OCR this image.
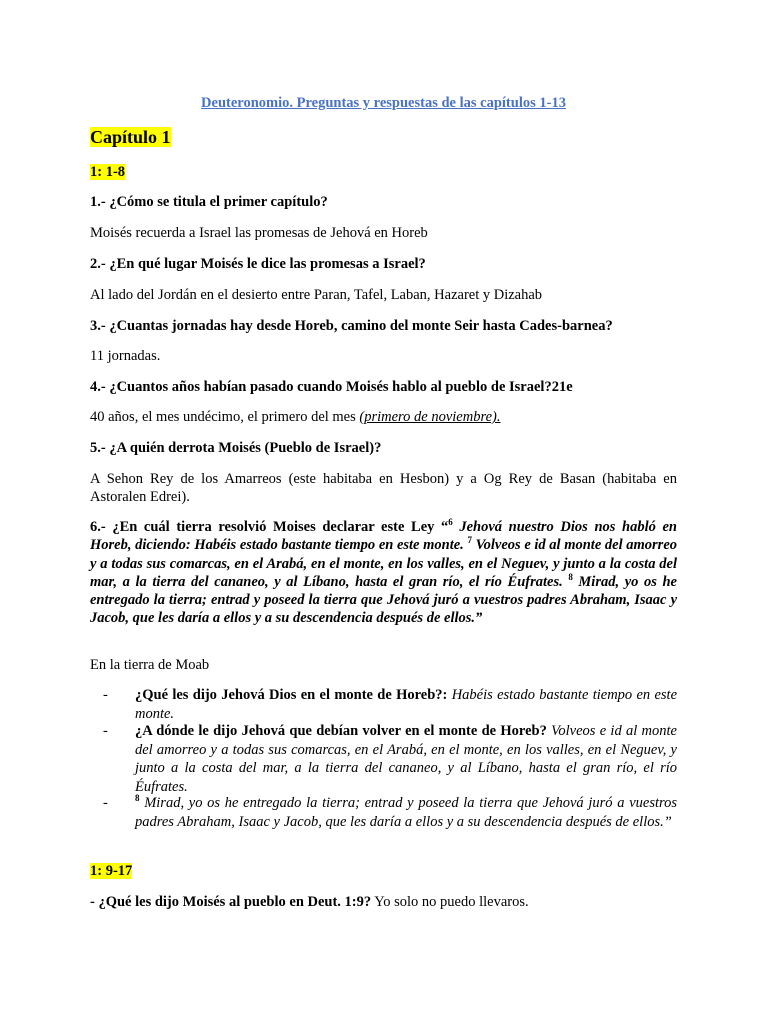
Deuteronomio. Preguntas y respuestas de las capítulos 1-13
Capítulo 1
1: 1-8
1.- ¿Cómo se titula el primer capítulo?
Moisés recuerda a Israel las promesas de Jehová en Horeb
2.- ¿En qué lugar Moisés le dice las promesas a Israel?
Al lado del Jordán en el desierto entre Paran, Tafel, Laban, Hazaret y Dizahab
3.- ¿Cuantas jornadas hay desde Horeb, camino del monte Seir hasta Cades-barnea?
11 jornadas.
4.- ¿Cuantos años habían pasado cuando Moisés hablo al pueblo de Israel?21e
40 años, el mes undécimo, el primero del mes (primero de noviembre).
5.- ¿A quién derrota Moisés (Pueblo de Israel)?
A Sehon Rey de los Amarreos (este habitaba en Hesbon) y a Og Rey de Basan (habitaba en Astoralen Edrei).
6.- ¿En cuál tierra resolvió Moises declarar este Ley “$^6$ Jehová nuestro Dios nos habló en Horeb, diciendo: Habéis estado bastante tiempo en este monte. $^7$ Volveos e id al monte del amorreo y a todas sus comarcas, en el Arabá, en el monte, en los valles, en el Neguev, y junto a la costa del mar, a la tierra del cananeo, y al Líbano, hasta el gran río, el río Éufrates. $^8$ Mirad, yo os he entregado la tierra; entrad y poseed la tierra que Jehová juró a vuestros padres Abraham, Isaac y Jacob, que les daría a ellos y a su descendencia después de ellos.”
En la tierra de Moab
- ¿Qué les dijo Jehová Dios en el monte de Horeb?: Habéis estado bastante tiempo en este monte.
- ¿A dónde le dijo Jehová que debían volver en el monte de Horeb? Volveos e id al monte del amorreo y a todas sus comarcas, en el Arabá, en el monte, en los valles, en el Neguev, y junto a la costa del mar, a la tierra del cananeo, y al Líbano, hasta el gran río, el río Éufrates.
-	$^8$ Mirad, yo os he entregado la tierra; entrad y poseed la tierra que Jehová juró a vuestros padres Abraham, Isaac y Jacob, que les daría a ellos y a su descendencia después de ellos.”
1: 9-17
- ¿Qué les dijo Moisés al pueblo en Deut. 1:9? Yo solo no puedo llevaros.
